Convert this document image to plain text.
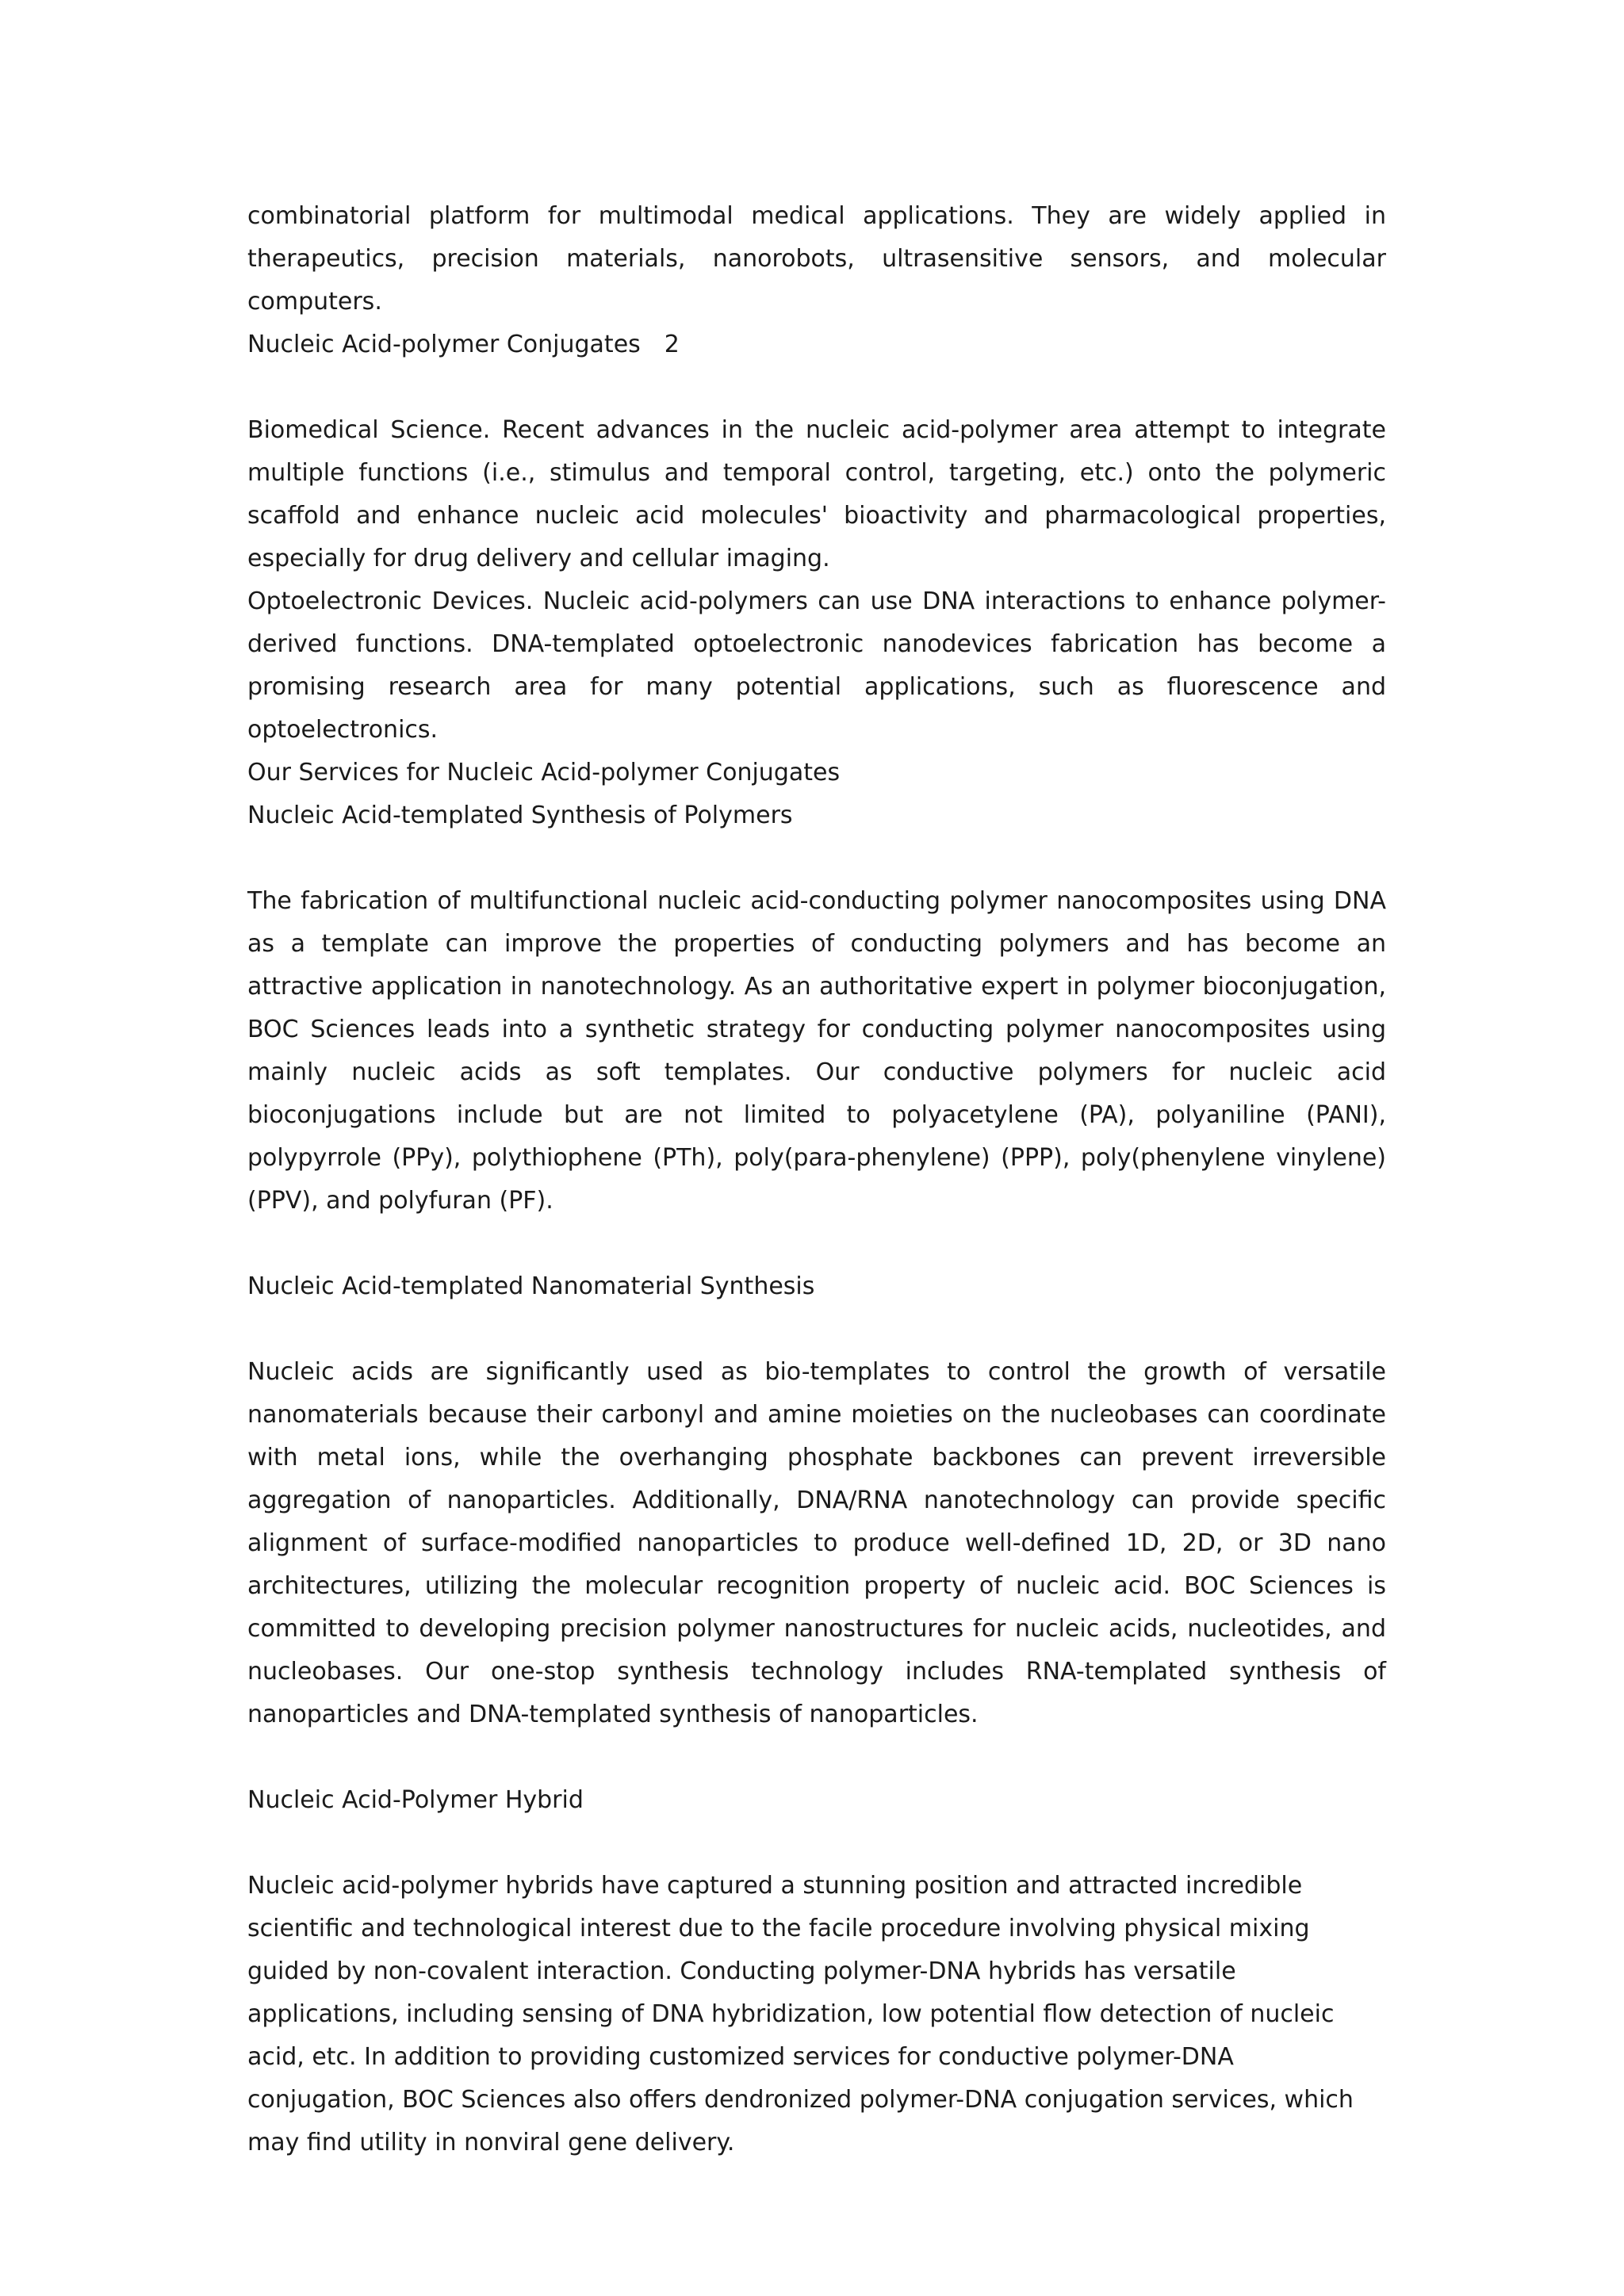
combinatorial platform for multimodal medical applications. They are widely applied in therapeutics, precision materials, nanorobots, ultrasensitive sensors, and molecular computers.

Nucleic Acid-polymer Conjugates 2

Biomedical Science. Recent advances in the nucleic acid-polymer area attempt to integrate multiple functions (i.e., stimulus and temporal control, targeting, etc.) onto the polymeric scaffold and enhance nucleic acid molecules' bioactivity and pharmacological properties, especially for drug delivery and cellular imaging.

Optoelectronic Devices. Nucleic acid-polymers can use DNA interactions to enhance polymer-derived functions. DNA-templated optoelectronic nanodevices fabrication has become a promising research area for many potential applications, such as fluorescence and optoelectronics.

Our Services for Nucleic Acid-polymer Conjugates

Nucleic Acid-templated Synthesis of Polymers

The fabrication of multifunctional nucleic acid-conducting polymer nanocomposites using DNA as a template can improve the properties of conducting polymers and has become an attractive application in nanotechnology. As an authoritative expert in polymer bioconjugation, BOC Sciences leads into a synthetic strategy for conducting polymer nanocomposites using mainly nucleic acids as soft templates. Our conductive polymers for nucleic acid bioconjugations include but are not limited to polyacetylene (PA), polyaniline (PANI), polypyrrole (PPy), polythiophene (PTh), poly(para-phenylene) (PPP), poly(phenylene vinylene) (PPV), and polyfuran (PF).

Nucleic Acid-templated Nanomaterial Synthesis

Nucleic acids are significantly used as bio-templates to control the growth of versatile nanomaterials because their carbonyl and amine moieties on the nucleobases can coordinate with metal ions, while the overhanging phosphate backbones can prevent irreversible aggregation of nanoparticles. Additionally, DNA/RNA nanotechnology can provide specific alignment of surface-modified nanoparticles to produce well-defined 1D, 2D, or 3D nano architectures, utilizing the molecular recognition property of nucleic acid. BOC Sciences is committed to developing precision polymer nanostructures for nucleic acids, nucleotides, and nucleobases. Our one-stop synthesis technology includes RNA-templated synthesis of nanoparticles and DNA-templated synthesis of nanoparticles.

Nucleic Acid-Polymer Hybrid

Nucleic acid-polymer hybrids have captured a stunning position and attracted incredible scientific and technological interest due to the facile procedure involving physical mixing guided by non-covalent interaction. Conducting polymer-DNA hybrids has versatile applications, including sensing of DNA hybridization, low potential flow detection of nucleic acid, etc. In addition to providing customized services for conductive polymer-DNA conjugation, BOC Sciences also offers dendronized polymer-DNA conjugation services, which may find utility in nonviral gene delivery.
